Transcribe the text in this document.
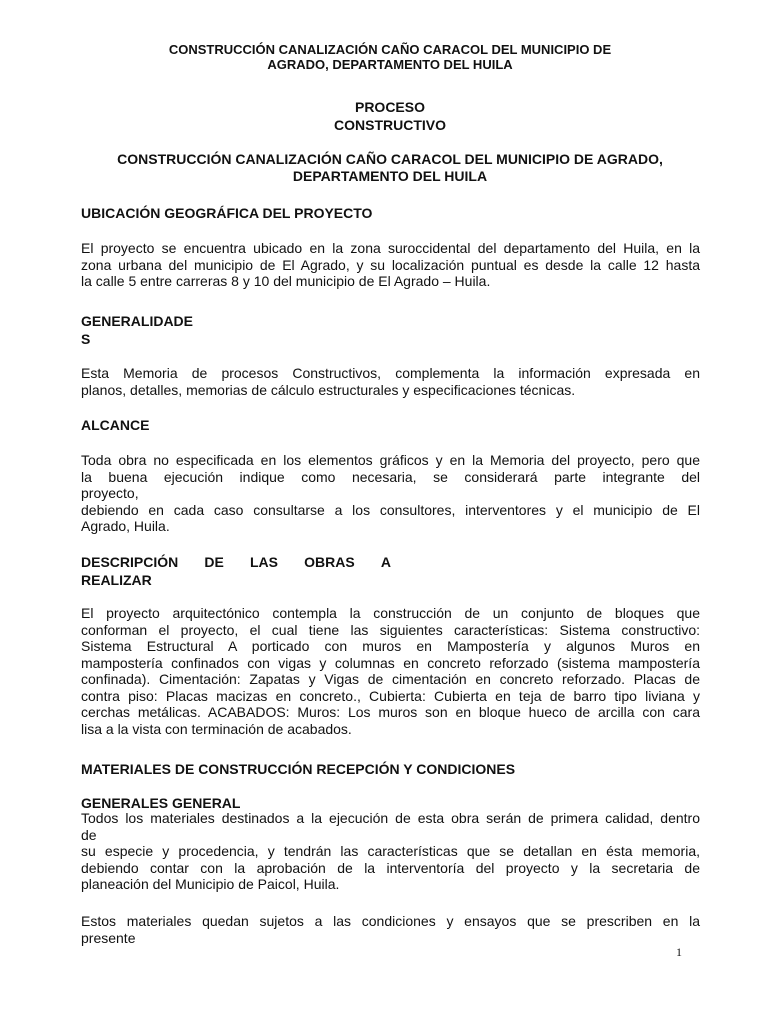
CONSTRUCCIÓN CANALIZACIÓN CAÑO CARACOL DEL MUNICIPIO DE
AGRADO, DEPARTAMENTO DEL HUILA
PROCESO
CONSTRUCTIVO
CONSTRUCCIÓN CANALIZACIÓN CAÑO CARACOL DEL MUNICIPIO DE AGRADO,
DEPARTAMENTO DEL HUILA
UBICACIÓN GEOGRÁFICA DEL PROYECTO
El proyecto se encuentra ubicado en la zona suroccidental del departamento del Huila, en la
zona urbana del municipio de El Agrado, y su localización puntual es desde la calle 12 hasta
la calle 5 entre carreras 8 y 10 del municipio de El Agrado – Huila.
GENERALIDADE
S
Esta Memoria de procesos Constructivos, complementa la información expresada en
planos, detalles, memorias de cálculo estructurales y especificaciones técnicas.
ALCANCE
Toda obra no especificada en los elementos gráficos y en la Memoria del proyecto, pero que
la buena ejecución indique como necesaria, se considerará parte integrante del
proyecto,
debiendo en cada caso consultarse a los consultores, interventores y el municipio de El
Agrado, Huila.
DESCRIPCIÓN DE LAS OBRAS A
REALIZAR
El proyecto arquitectónico contempla la construcción de un conjunto de bloques que
conforman el proyecto, el cual tiene las siguientes características: Sistema constructivo:
Sistema Estructural A porticado con muros en Mampostería y algunos Muros en
mampostería confinados con vigas y columnas en concreto reforzado (sistema mampostería
confinada). Cimentación: Zapatas y Vigas de cimentación en concreto reforzado. Placas de
contra piso: Placas macizas en concreto., Cubierta: Cubierta en teja de barro tipo liviana y
cerchas metálicas. ACABADOS: Muros: Los muros son en bloque hueco de arcilla con cara
lisa a la vista con terminación de acabados.
MATERIALES DE CONSTRUCCIÓN RECEPCIÓN Y CONDICIONES
GENERALES GENERAL
Todos los materiales destinados a la ejecución de esta obra serán de primera calidad, dentro
de
su especie y procedencia, y tendrán las características que se detallan en ésta memoria,
debiendo contar con la aprobación de la interventoría del proyecto y la secretaria de
planeación del Municipio de Paicol, Huila.
Estos materiales quedan sujetos a las condiciones y ensayos que se prescriben en la
presente
1
